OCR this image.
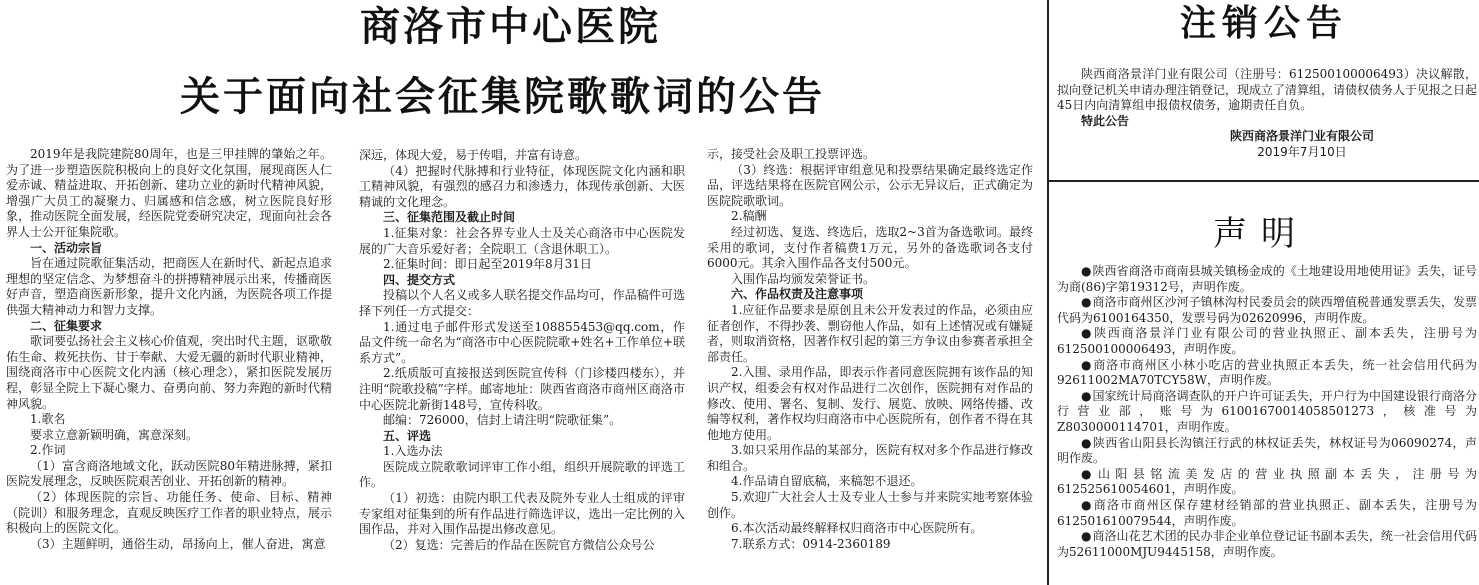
商洛市中心医院
关于面向社会征集院歌歌词的公告

2019年是我院建院80周年，也是三甲挂牌的肇始之年。为了进一步塑造医院积极向上的良好文化氛围，展现商医人仁爱赤诚、精益进取、开拓创新、建功立业的新时代精神风貌，增强广大员工的凝聚力、归属感和信念感，树立医院良好形象，推动医院全面发展，经医院党委研究决定，现面向社会各界人士公开征集院歌。

一、活动宗旨

旨在通过院歌征集活动，把商医人在新时代、新起点追求理想的坚定信念、为梦想奋斗的拼搏精神展示出来，传播商医好声音，塑造商医新形象，提升文化内涵，为医院各项工作提供强大精神动力和智力支撑。

二、征集要求

歌词要弘扬社会主义核心价值观，突出时代主题，讴歌敬佑生命、救死扶伤、甘于奉献、大爱无疆的新时代职业精神，围绕商洛市中心医院文化内涵（核心理念），紧扣医院发展历程，彰显全院上下凝心聚力、奋勇向前、努力奔跑的新时代精神风貌。

1.歌名

要求立意新颖明确，寓意深刻。

2.作词

（1）富含商洛地域文化，跃动医院80年精进脉搏，紧扣医院发展理念，反映医院艰苦创业、开拓创新的精神。

（2）体现医院的宗旨、功能任务、使命、目标、精神（院训）和服务理念，直观反映医疗工作者的职业特点，展示积极向上的医院文化。

（3）主题鲜明，通俗生动，昂扬向上，催人奋进，寓意

深远，体现大爱，易于传唱，并富有诗意。

（4）把握时代脉搏和行业特征，体现医院文化内涵和职工精神风貌，有强烈的感召力和渗透力，体现传承创新、大医精诚的文化理念。

三、征集范围及截止时间

1.征集对象：社会各界专业人士及关心商洛市中心医院发展的广大音乐爱好者；全院职工（含退休职工）。

2.征集时间：即日起至2019年8月31日

四、提交方式

投稿以个人名义或多人联名提交作品均可，作品稿件可选择下列任一方式提交：

1.通过电子邮件形式发送至108855453@qq.com，作品文件统一命名为“商洛市中心医院院歌+姓名+工作单位+联系方式”。

2.纸质版可直接报送到医院宣传科（门诊楼四楼东），并注明“院歌投稿”字样。邮寄地址：陕西省商洛市商州区商洛市中心医院北新街148号，宣传科收。

邮编：726000，信封上请注明“院歌征集”。

五、评选

1.入选办法

医院成立院歌歌词评审工作小组，组织开展院歌的评选工作。

（1）初选：由院内职工代表及院外专业人士组成的评审专家组对征集到的所有作品进行筛选评议，选出一定比例的入围作品，并对入围作品提出修改意见。

（2）复选：完善后的作品在医院官方微信公众号公

示，接受社会及职工投票评选。

（3）终选：根据评审组意见和投票结果确定最终选定作品，评选结果将在医院官网公示，公示无异议后，正式确定为医院院歌歌词。

2.稿酬

经过初选、复选、终选后，选取2~3首为备选歌词。最终采用的歌词，支付作者稿费1万元，另外的备选歌词各支付6000元。其余入围作品各支付500元。

入围作品均颁发荣誉证书。

六、作品权责及注意事项

1.应征作品要求是原创且未公开发表过的作品，必须由应征者创作，不得抄袭、剽窃他人作品，如有上述情况或有嫌疑者，则取消资格，因著作权引起的第三方争议由参赛者承担全部责任。

2.入围、录用作品，即表示作者同意医院拥有该作品的知识产权，组委会有权对作品进行二次创作，医院拥有对作品的修改、使用、署名、复制、发行、展览、放映、网络传播、改编等权利，著作权均归商洛市中心医院所有，创作者不得在其他地方使用。

3.如只采用作品的某部分，医院有权对多个作品进行修改和组合。

4.作品请自留底稿，来稿恕不退还。

5.欢迎广大社会人士及专业人士参与并来院实地考察体验创作。

6.本次活动最终解释权归商洛市中心医院所有。

7.联系方式：0914-2360189

注销公告

陕西商洛景洋门业有限公司（注册号：612500100006493）决议解散，拟向登记机关申请办理注销登记，现成立了清算组，请债权债务人于见报之日起45日内向清算组申报债权债务，逾期责任自负。

特此公告

陕西商洛景洋门业有限公司

2019年7月10日

声明

●陕西省商洛市商南县城关镇杨金成的《土地建设用地使用证》丢失，证号为商(86)字第19312号，声明作废。

●商洛市商州区沙河子镇林沟村民委员会的陕西增值税普通发票丢失，发票代码为6100164350，发票号码为02620996，声明作废。

●陕西商洛景洋门业有限公司的营业执照正、副本丢失，注册号为612500100006493，声明作废。

●商洛市商州区小林小吃店的营业执照正本丢失，统一社会信用代码为92611002MA70TCY58W，声明作废。

●国家统计局商洛调查队的开户许可证丢失，开户行为中国建设银行商洛分行营业部，账号为61001670014058501273，核准号为Z8030000114701，声明作废。

●陕西省山阳县长沟镇汪行武的林权证丢失，林权证号为06090274，声明作废。

●山阳县铭流美发店的营业执照副本丢失，注册号为612525610054601，声明作废。

●商洛市商州区保存建材经销部的营业执照正、副本丢失，注册号为612501610079544，声明作废。

●商洛山花艺术团的民办非企业单位登记证书副本丢失，统一社会信用代码为52611000MJU9445158，声明作废。
